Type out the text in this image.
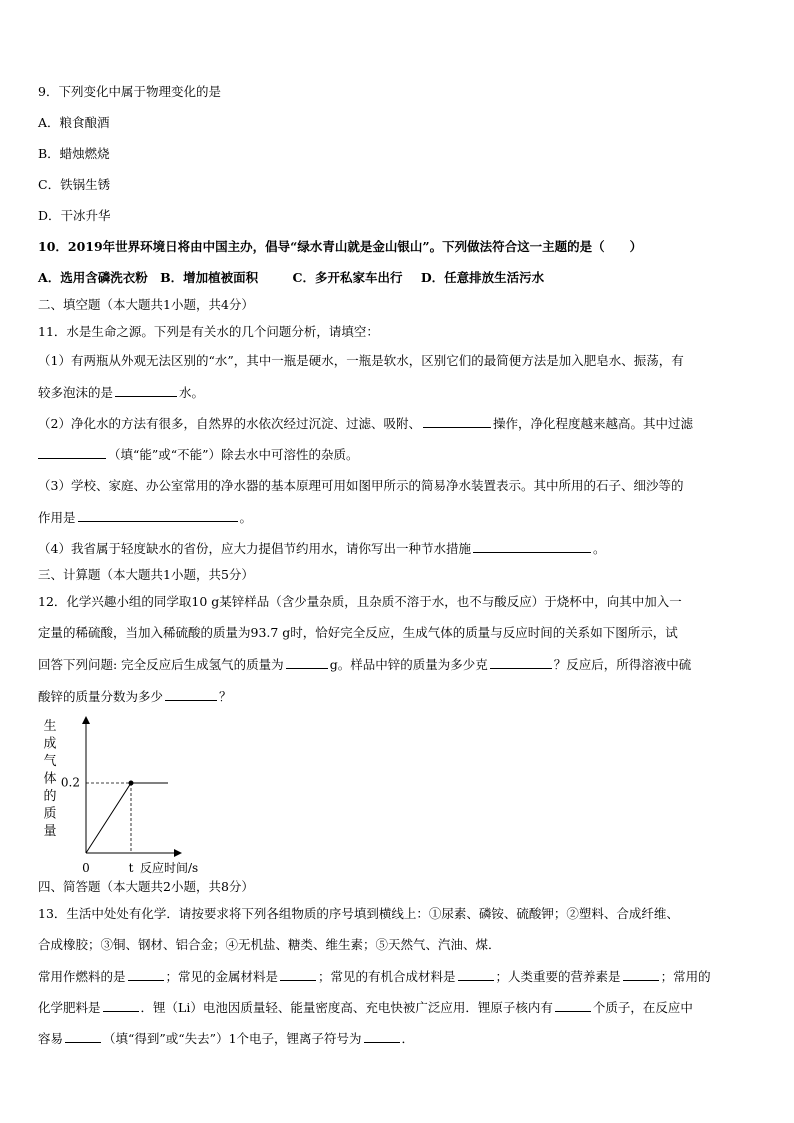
9．下列变化中属于物理变化的是
A．粮食酿酒
B．蜡烛燃烧
C．铁锅生锈
D．干冰升华
10．2019年世界环境日将由中国主办，倡导“绿水青山就是金山银山”。下列做法符合这一主题的是（　　）
A．选用含磷洗衣粉 B．增加植被面积	C．多开私家车出行 D．任意排放生活污水
二、填空题（本大题共1小题，共4分）
11．水是生命之源。下列是有关水的几个问题分析，请填空：
（1）有两瓶从外观无法区别的“水”，其中一瓶是硬水，一瓶是软水，区别它们的最简便方法是加入肥皂水、振荡，有
较多泡沫的是	水。
（2）净化水的方法有很多，自然界的水依次经过沉淀、过滤、吸附、	操作，净化程度越来越高。其中过滤
（填“能”或“不能”）除去水中可溶性的杂质。
（3）学校、家庭、办公室常用的净水器的基本原理可用如图甲所示的简易净水装置表示。其中所用的石子、细沙等的
作用是	。
（4）我省属于轻度缺水的省份，应大力提倡节约用水，请你写出一种节水措施	。
三、计算题（本大题共1小题，共5分）
12．化学兴趣小组的同学取10 g某锌样品（含少量杂质，且杂质不溶于水，也不与酸反应）于烧杯中，向其中加入一
定量的稀硫酸，当加入稀硫酸的质量为93.7 g时，恰好完全反应，生成气体的质量与反应时间的关系如下图所示，试
回答下列问题: 完全反应后生成氢气的质量为	g。样品中锌的质量为多少克	？反应后，所得溶液中硫
酸锌的质量分数为多少	？
生
成
气
体
的
质
量
0.2
0	t 反应时间/s
四、简答题（本大题共2小题，共8分）
13．生活中处处有化学．请按要求将下列各组物质的序号填到横线上：①尿素、磷铵、硫酸钾；②塑料、合成纤维、
合成橡胶；③铜、钢材、铝合金；④无机盐、糖类、维生素；⑤天然气、汽油、煤．
常用作燃料的是	；常见的金属材料是	；常见的有机合成材料是	；人类重要的营养素是	；常用的
化学肥料是	．锂（Li）电池因质量轻、能量密度高、充电快被广泛应用．锂原子核内有	个质子，在反应中
容易	（填“得到”或“失去”）1个电子，锂离子符号为	．
